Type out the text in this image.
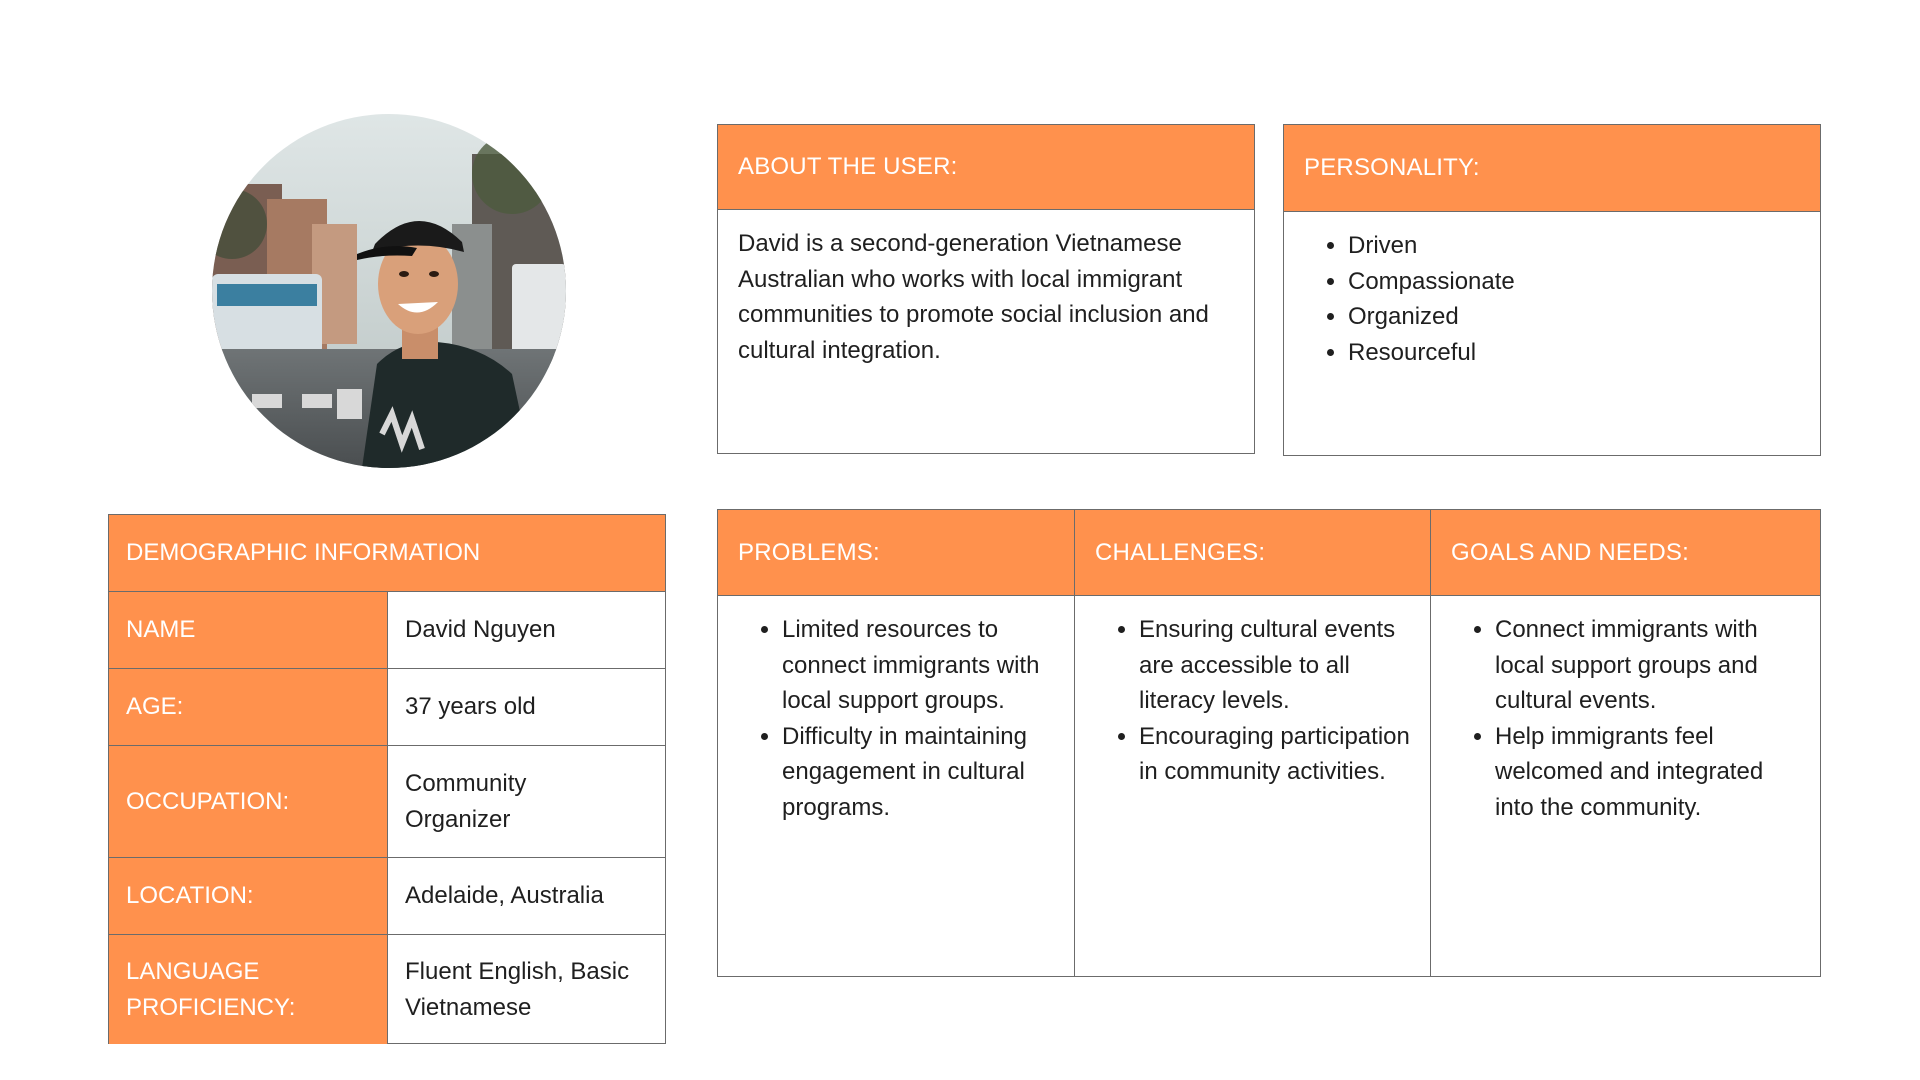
ABOUT THE USER:
David is a second-generation Vietnamese Australian who works with local immigrant communities to promote social inclusion and cultural integration.
PERSONALITY:
• Driven
• Compassionate
• Organized
• Resourceful
DEMOGRAPHIC INFORMATION
NAME	David Nguyen
AGE:	37 years old
OCCUPATION:
Community Organizer
LOCATION:	Adelaide, Australia
LANGUAGE PROFICIENCY:
Fluent English, Basic Vietnamese
PROBLEMS:
• Limited resources to connect immigrants with local support groups.
• Difficulty in maintaining engagement in cultural programs.
CHALLENGES:
• Ensuring cultural events are accessible to all literacy levels.
• Encouraging participation in community activities.
GOALS AND NEEDS:
• Connect immigrants with local support groups and cultural events.
• Help immigrants feel welcomed and integrated into the community.
